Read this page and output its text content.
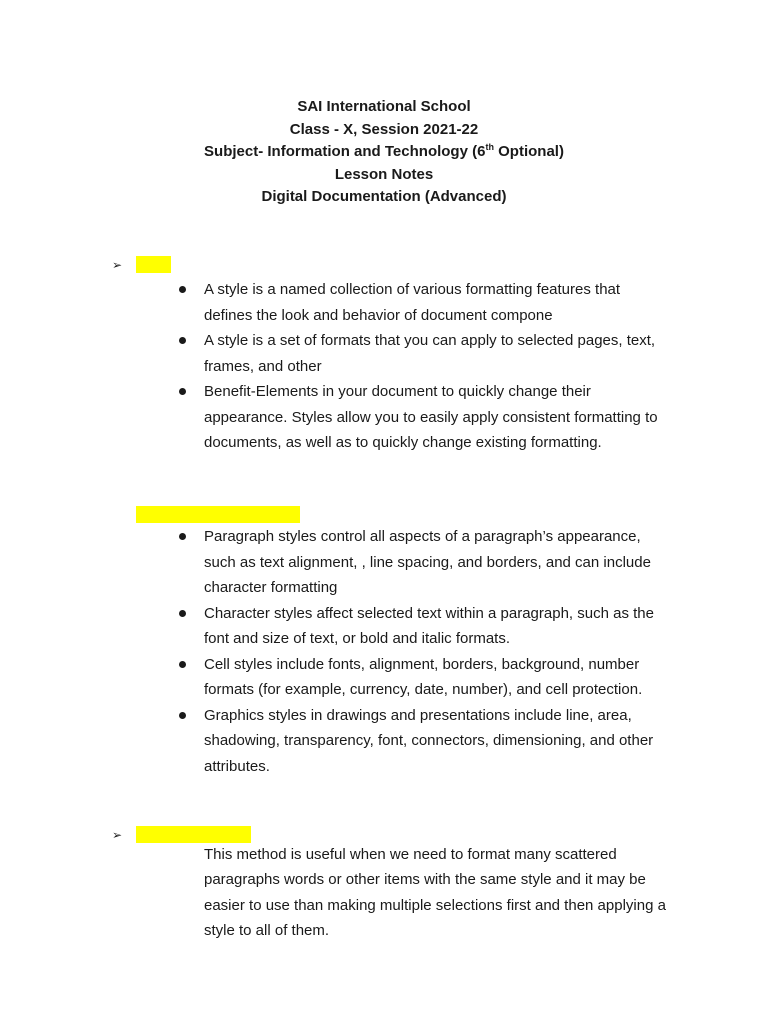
SAI International School
Class - X, Session 2021-22
Subject- Information and Technology (6th Optional)
Lesson Notes
Digital Documentation (Advanced)
➢
A style is a named collection of various formatting features that defines the look and behavior of document compone
A style is a set of formats that you can apply to selected pages, text, frames, and other
Benefit-Elements in your document to quickly change their appearance. Styles allow you to easily apply consistent formatting to documents, as well as to quickly change existing formatting.
Paragraph styles control all aspects of a paragraph’s appearance, such as text alignment, , line spacing, and borders, and can include character formatting
Character styles affect selected text within a paragraph, such as the font and size of text, or bold and italic formats.
Cell styles include fonts, alignment, borders, background, number formats (for example, currency, date, number), and cell protection.
Graphics styles in drawings and presentations include line, area, shadowing, transparency, font, connectors, dimensioning, and other attributes.
➢
This method is useful when we need to format many scattered paragraphs words or other items with the same style and it may be easier to use than making multiple selections first and then applying a style to all of them.
